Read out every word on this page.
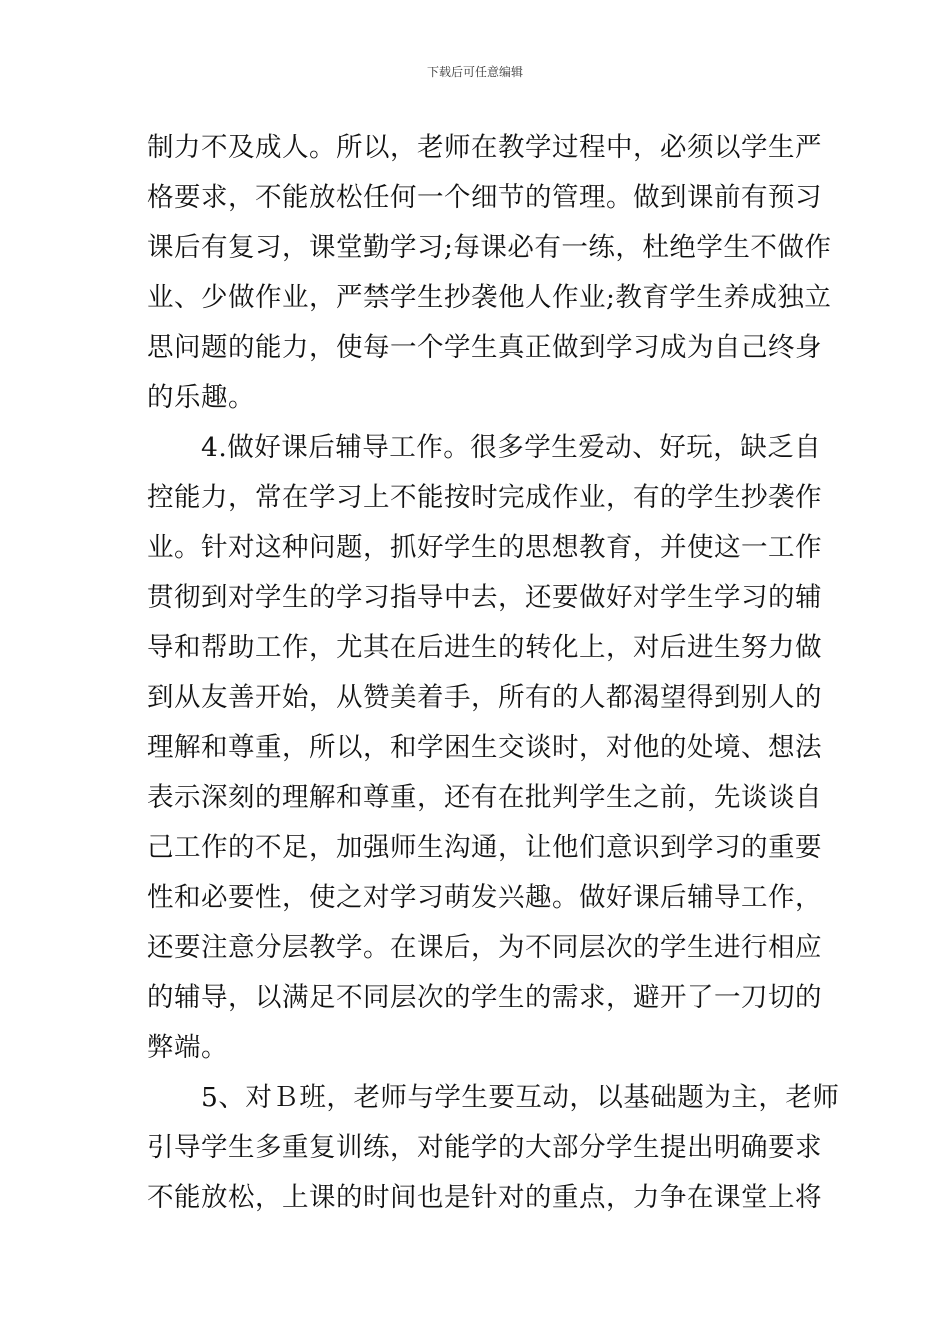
下载后可任意编辑
制力不及成人。所以，老师在教学过程中，必须以学生严
格要求，不能放松任何一个细节的管理。做到课前有预习
课后有复习，课堂勤学习;每课必有一练，杜绝学生不做作
业、少做作业，严禁学生抄袭他人作业;教育学生养成独立
思问题的能力，使每一个学生真正做到学习成为自己终身
的乐趣。
　　4.做好课后辅导工作。很多学生爱动、好玩，缺乏自
控能力，常在学习上不能按时完成作业，有的学生抄袭作
业。针对这种问题，抓好学生的思想教育，并使这一工作
贯彻到对学生的学习指导中去，还要做好对学生学习的辅
导和帮助工作，尤其在后进生的转化上，对后进生努力做
到从友善开始，从赞美着手，所有的人都渴望得到别人的
理解和尊重，所以，和学困生交谈时，对他的处境、想法
表示深刻的理解和尊重，还有在批判学生之前，先谈谈自
己工作的不足，加强师生沟通，让他们意识到学习的重要
性和必要性，使之对学习萌发兴趣。做好课后辅导工作，
还要注意分层教学。在课后，为不同层次的学生进行相应
的辅导，以满足不同层次的学生的需求，避开了一刀切的
弊端。
　　5、对Ｂ班，老师与学生要互动，以基础题为主，老师
引导学生多重复训练，对能学的大部分学生提出明确要求
不能放松，上课的时间也是针对的重点，力争在课堂上将
